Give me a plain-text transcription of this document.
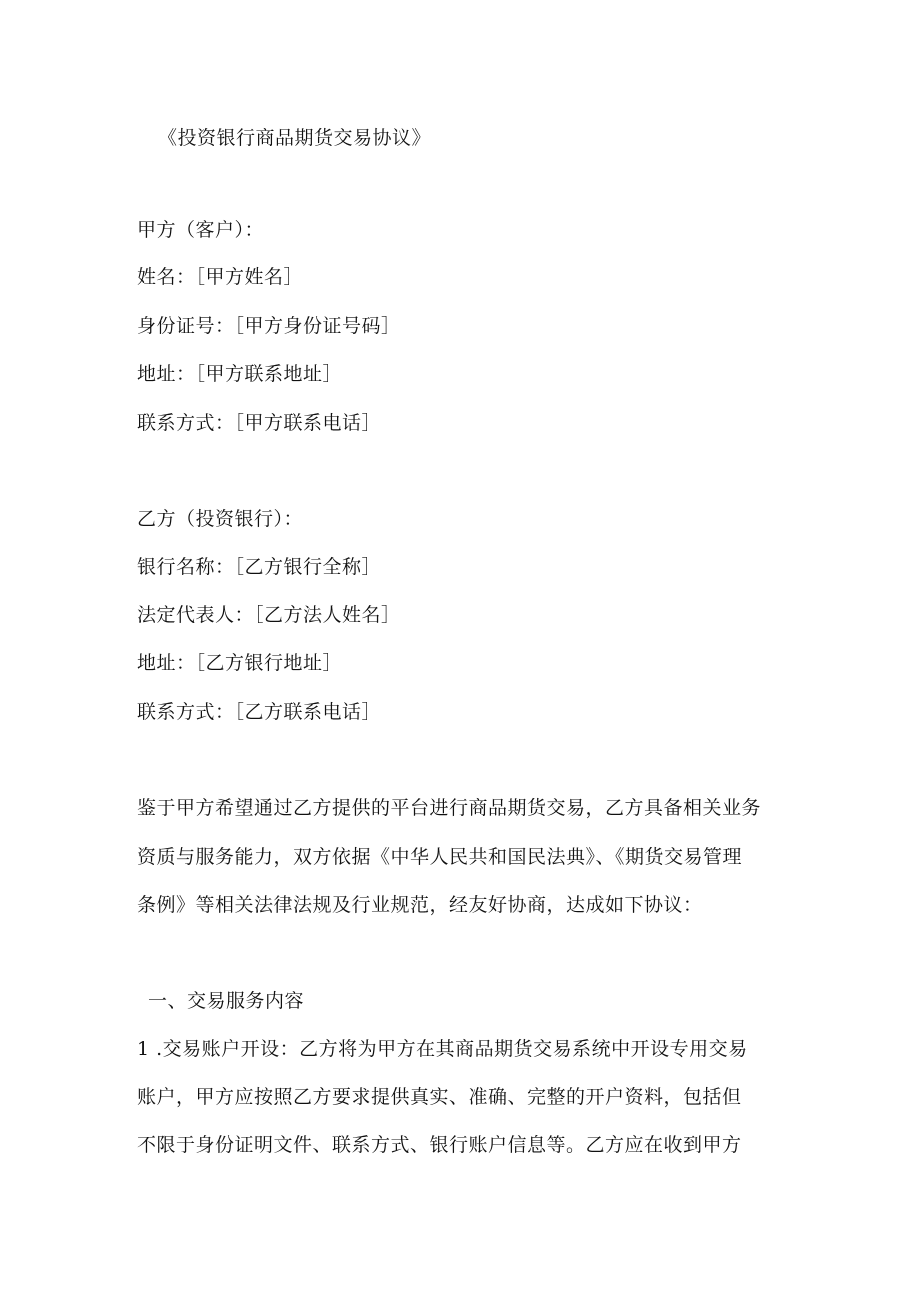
《投资银行商品期货交易协议》
甲方（客户）：
姓名：［甲方姓名］
身份证号：［甲方身份证号码］
地址：［甲方联系地址］
联系方式：［甲方联系电话］
乙方（投资银行）：
银行名称：［乙方银行全称］
法定代表人：［乙方法人姓名］
地址：［乙方银行地址］
联系方式：［乙方联系电话］
鉴于甲方希望通过乙方提供的平台进行商品期货交易，乙方具备相关业务
资质与服务能力，双方依据《中华人民共和国民法典》、《期货交易管理
条例》等相关法律法规及行业规范，经友好协商，达成如下协议：
一、交易服务内容
1 .交易账户开设：乙方将为甲方在其商品期货交易系统中开设专用交易
账户，甲方应按照乙方要求提供真实、准确、完整的开户资料，包括但
不限于身份证明文件、联系方式、银行账户信息等。乙方应在收到甲方
